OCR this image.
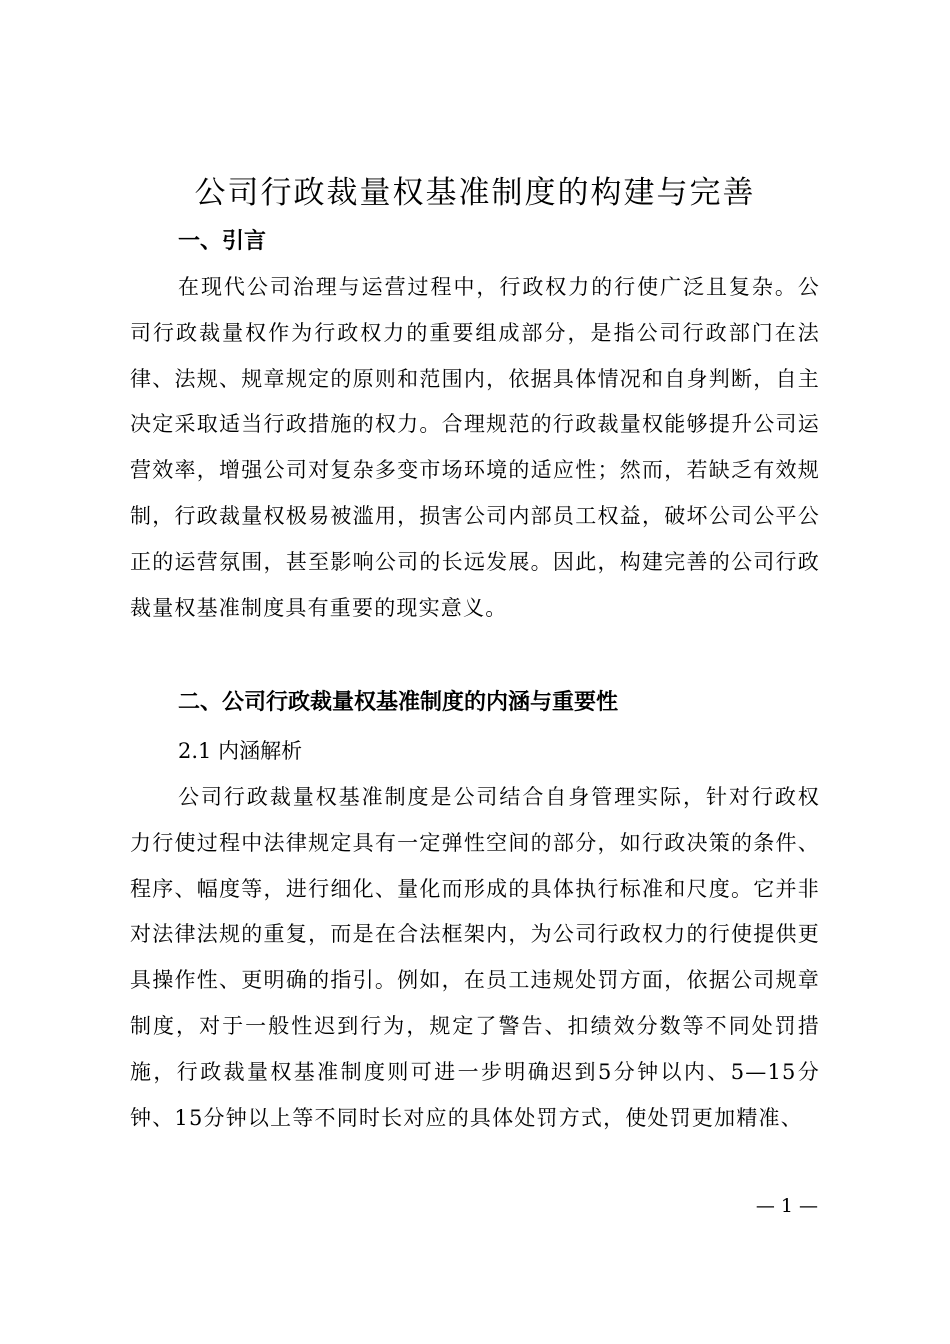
公司行政裁量权基准制度的构建与完善
一、引言

在现代公司治理与运营过程中，行政权力的行使广泛且复杂。公司行政裁量权作为行政权力的重要组成部分，是指公司行政部门在法律、法规、规章规定的原则和范围内，依据具体情况和自身判断，自主决定采取适当行政措施的权力。合理规范的行政裁量权能够提升公司运营效率，增强公司对复杂多变市场环境的适应性；然而，若缺乏有效规制，行政裁量权极易被滥用，损害公司内部员工权益，破坏公司公平公正的运营氛围，甚至影响公司的长远发展。因此，构建完善的公司行政裁量权基准制度具有重要的现实意义。

二、公司行政裁量权基准制度的内涵与重要性
2.1 内涵解析

公司行政裁量权基准制度是公司结合自身管理实际，针对行政权力行使过程中法律规定具有一定弹性空间的部分，如行政决策的条件、程序、幅度等，进行细化、量化而形成的具体执行标准和尺度。它并非对法律法规的重复，而是在合法框架内，为公司行政权力的行使提供更具操作性、更明确的指引。例如，在员工违规处罚方面，依据公司规章制度，对于一般性迟到行为，规定了警告、扣绩效分数等不同处罚措施，行政裁量权基准制度则可进一步明确迟到5分钟以内、5—15分钟、15分钟以上等不同时长对应的具体处罚方式，使处罚更加精准、

— 1 —
